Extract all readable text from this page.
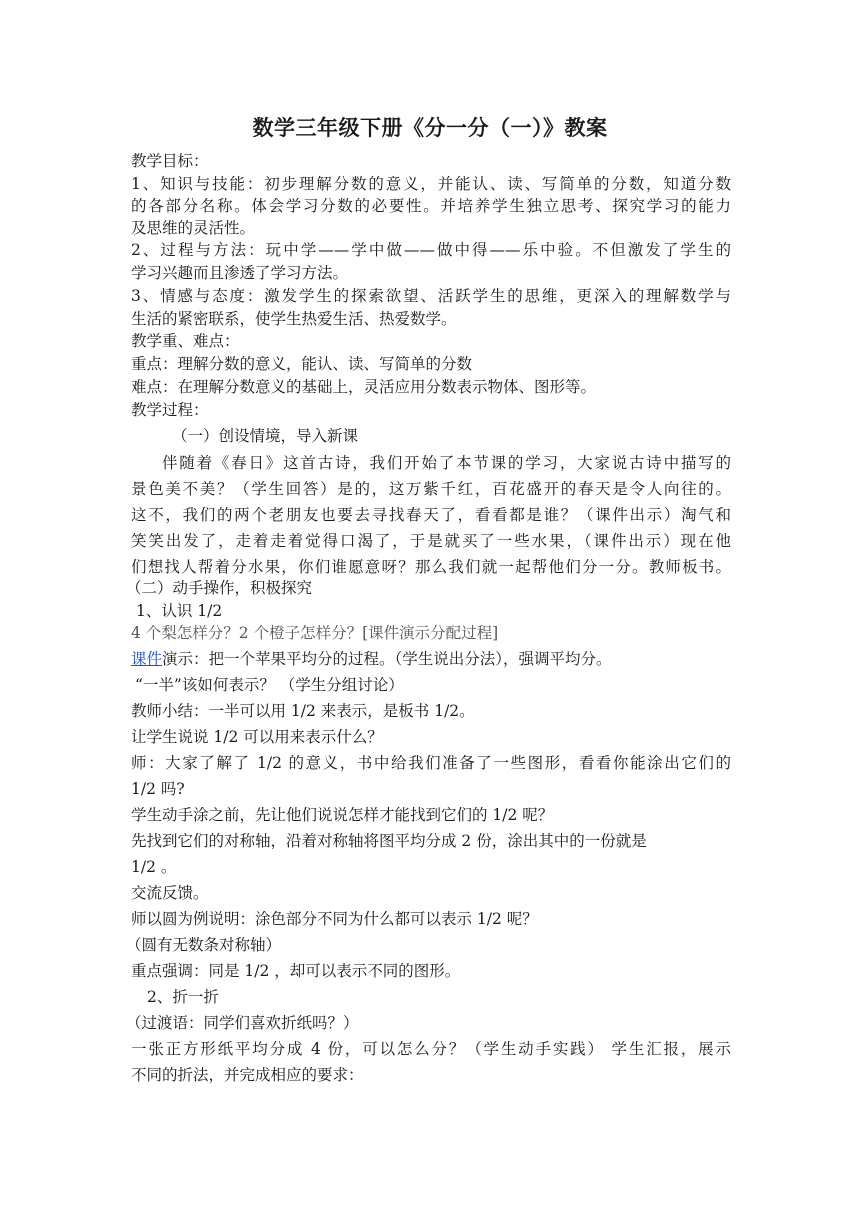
数学三年级下册《分一分（一）》教案
教学目标：
1、知识与技能：初步理解分数的意义，并能认、读、写简单的分数，知道分数
的各部分名称。体会学习分数的必要性。并培养学生独立思考、探究学习的能力
及思维的灵活性。
2、过程与方法：玩中学——学中做——做中得——乐中验。不但激发了学生的
学习兴趣而且渗透了学习方法。
3、情感与态度：激发学生的探索欲望、活跃学生的思维，更深入的理解数学与
生活的紧密联系，使学生热爱生活、热爱数学。
教学重、难点：
重点：理解分数的意义，能认、读、写简单的分数
难点：在理解分数意义的基础上，灵活应用分数表示物体、图形等。
教学过程：
（一）创设情境，导入新课
伴随着《春日》这首古诗，我们开始了本节课的学习，大家说古诗中描写的
景色美不美？（学生回答）是的，这万紫千红，百花盛开的春天是令人向往的。
这不，我们的两个老朋友也要去寻找春天了，看看都是谁？（课件出示）淘气和
笑笑出发了，走着走着觉得口渴了，于是就买了一些水果，（课件出示）现在他
们想找人帮着分水果，你们谁愿意呀？那么我们就一起帮他们分一分。教师板书。
（二）动手操作，积极探究
1、认识 1/2
4 个梨怎样分？2 个橙子怎样分？[课件演示分配过程]
课件演示：把一个苹果平均分的过程。（学生说出分法），强调平均分。
“一半”该如何表示？ （学生分组讨论）
教师小结：一半可以用 1/2 来表示，是板书 1/2。
让学生说说 1/2 可以用来表示什么？
师：大家了解了 1/2 的意义，书中给我们准备了一些图形，看看你能涂出它们的
1/2 吗?
学生动手涂之前，先让他们说说怎样才能找到它们的 1/2 呢？
先找到它们的对称轴，沿着对称轴将图平均分成 2 份，涂出其中的一份就是
1/2 。
交流反馈。
师以圆为例说明：涂色部分不同为什么都可以表示 1/2 呢？
（圆有无数条对称轴）
重点强调：同是 1/2 ，却可以表示不同的图形。
2、折一折
（过渡语：同学们喜欢折纸吗？）
一张正方形纸平均分成 4 份，可以怎么分？（学生动手实践） 学生汇报，展示
不同的折法，并完成相应的要求：
